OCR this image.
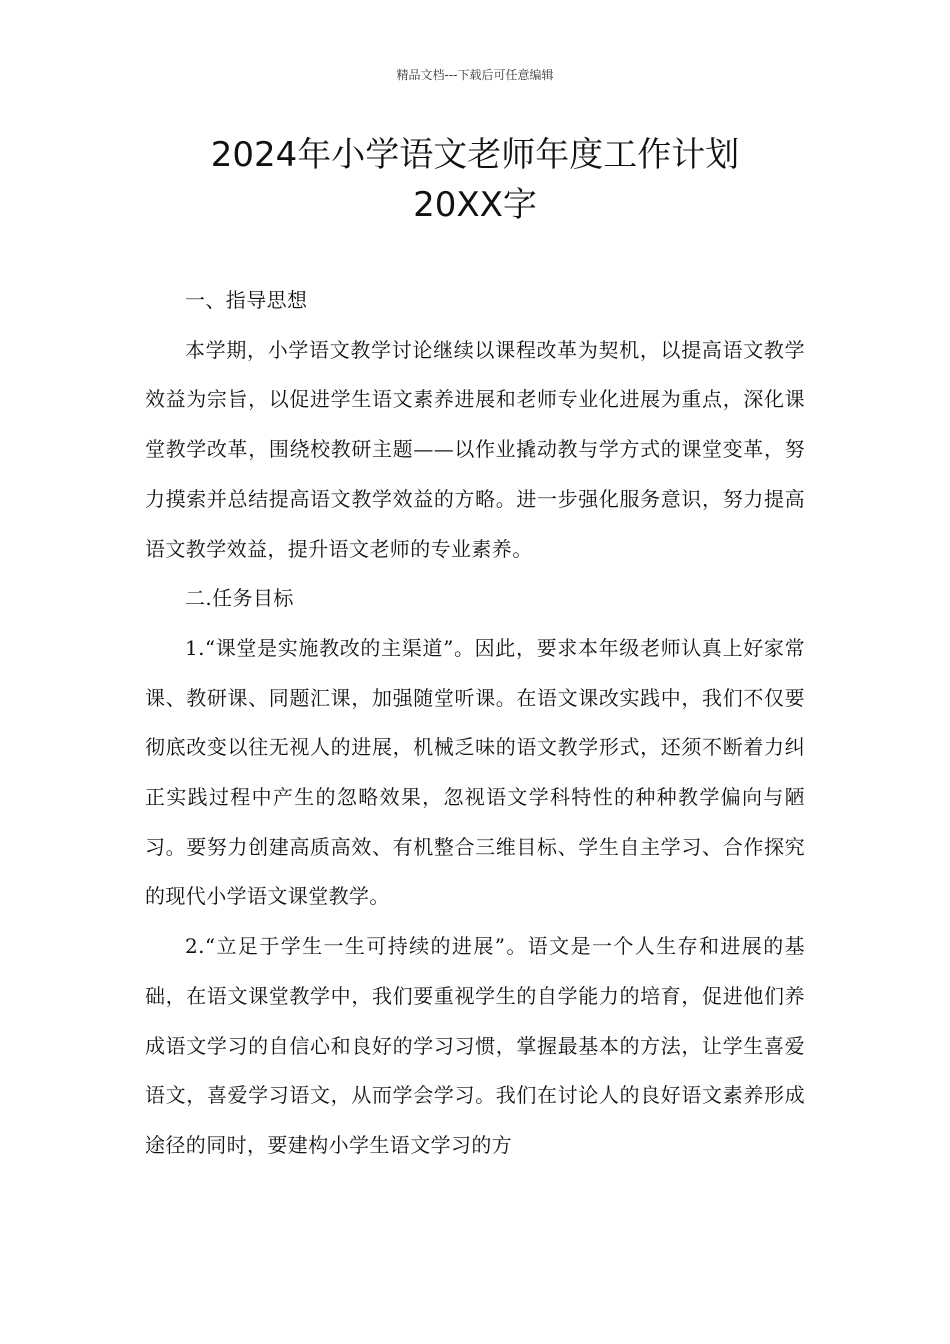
精品文档---下载后可任意编辑
2024年小学语文老师年度工作计划
20XX字

一、指导思想

本学期，小学语文教学讨论继续以课程改革为契机，以提高语文教学效益为宗旨，以促进学生语文素养进展和老师专业化进展为重点，深化课堂教学改革，围绕校教研主题——以作业撬动教与学方式的课堂变革，努力摸索并总结提高语文教学效益的方略。进一步强化服务意识，努力提高语文教学效益，提升语文老师的专业素养。

二.任务目标

1.“课堂是实施教改的主渠道”。因此，要求本年级老师认真上好家常课、教研课、同题汇课，加强随堂听课。在语文课改实践中，我们不仅要彻底改变以往无视人的进展，机械乏味的语文教学形式，还须不断着力纠正实践过程中产生的忽略效果，忽视语文学科特性的种种教学偏向与陋习。要努力创建高质高效、有机整合三维目标、学生自主学习、合作探究的现代小学语文课堂教学。

2.“立足于学生一生可持续的进展”。语文是一个人生存和进展的基础，在语文课堂教学中，我们要重视学生的自学能力的培育，促进他们养成语文学习的自信心和良好的学习习惯，掌握最基本的方法，让学生喜爱语文，喜爱学习语文，从而学会学习。我们在讨论人的良好语文素养形成途径的同时，要建构小学生语文学习的方
